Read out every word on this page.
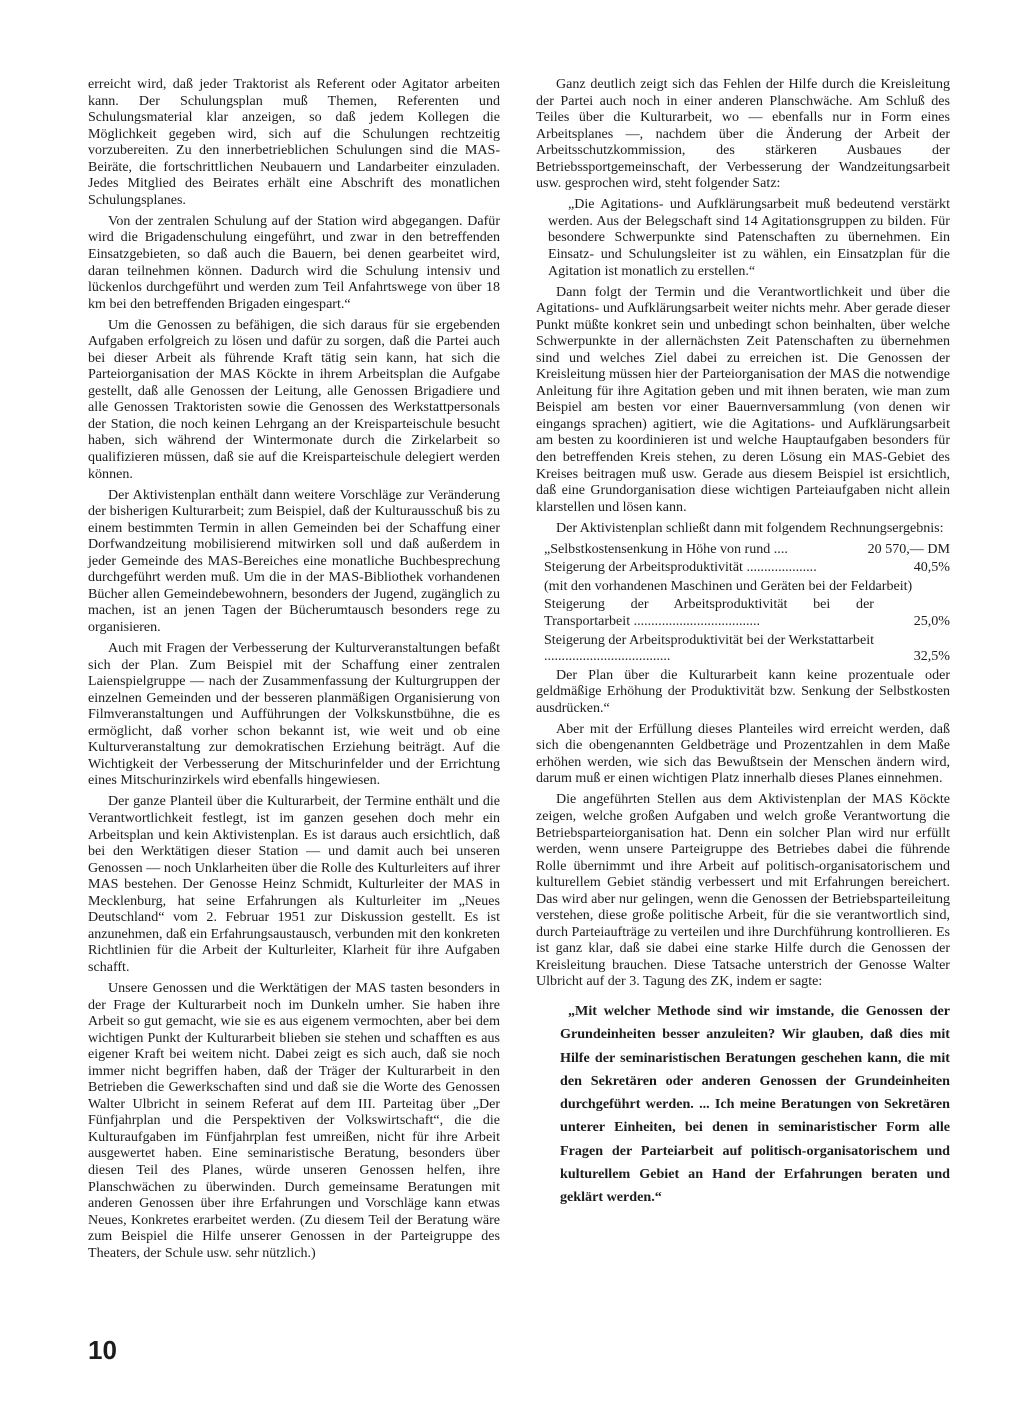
erreicht wird, daß jeder Traktorist als Referent oder Agitator arbeiten kann. Der Schulungsplan muß Themen, Referenten und Schulungsmaterial klar anzeigen, so daß jedem Kollegen die Möglichkeit gegeben wird, sich auf die Schulungen rechtzeitig vorzubereiten. Zu den innerbetrieblichen Schulungen sind die MAS-Beiräte, die fortschrittlichen Neubauern und Landarbeiter einzuladen. Jedes Mitglied des Beirates erhält eine Abschrift des monatlichen Schulungsplanes.

Von der zentralen Schulung auf der Station wird abgegangen. Dafür wird die Brigadenschulung eingeführt, und zwar in den betreffenden Einsatzgebieten, so daß auch die Bauern, bei denen gearbeitet wird, daran teilnehmen können. Dadurch wird die Schulung intensiv und lückenlos durchgeführt und werden zum Teil Anfahrtswege von über 18 km bei den betreffenden Brigaden eingespart.“

Um die Genossen zu befähigen, die sich daraus für sie ergebenden Aufgaben erfolgreich zu lösen und dafür zu sorgen, daß die Partei auch bei dieser Arbeit als führende Kraft tätig sein kann, hat sich die Parteiorganisation der MAS Köckte in ihrem Arbeitsplan die Aufgabe gestellt, daß alle Genossen der Leitung, alle Genossen Brigadiere und alle Genossen Traktoristen sowie die Genossen des Werkstattpersonals der Station, die noch keinen Lehrgang an der Kreisparteischule besucht haben, sich während der Wintermonate durch die Zirkelarbeit so qualifizieren müssen, daß sie auf die Kreisparteischule delegiert werden können.

Der Aktivistenplan enthält dann weitere Vorschläge zur Veränderung der bisherigen Kulturarbeit; zum Beispiel, daß der Kulturausschuß bis zu einem bestimmten Termin in allen Gemeinden bei der Schaffung einer Dorfwandzeitung mobilisierend mitwirken soll und daß außerdem in jeder Gemeinde des MAS-Bereiches eine monatliche Buchbesprechung durchgeführt werden muß. Um die in der MAS-Bibliothek vorhandenen Bücher allen Gemeindebewohnern, besonders der Jugend, zugänglich zu machen, ist an jenen Tagen der Bücherumtausch besonders rege zu organisieren.

Auch mit Fragen der Verbesserung der Kulturveranstaltungen befaßt sich der Plan. Zum Beispiel mit der Schaffung einer zentralen Laienspielgruppe — nach der Zusammenfassung der Kulturgruppen der einzelnen Gemeinden und der besseren planmäßigen Organisierung von Filmveranstaltungen und Aufführungen der Volkskunstbühne, die es ermöglicht, daß vorher schon bekannt ist, wie weit und ob eine Kulturveranstaltung zur demokratischen Erziehung beiträgt. Auf die Wichtigkeit der Verbesserung der Mitschurinfelder und der Errichtung eines Mitschurinzirkels wird ebenfalls hingewiesen.

Der ganze Planteil über die Kulturarbeit, der Termine enthält und die Verantwortlichkeit festlegt, ist im ganzen gesehen doch mehr ein Arbeitsplan und kein Aktivistenplan. Es ist daraus auch ersichtlich, daß bei den Werktätigen dieser Station — und damit auch bei unseren Genossen — noch Unklarheiten über die Rolle des Kulturleiters auf ihrer MAS bestehen. Der Genosse Heinz Schmidt, Kulturleiter der MAS in Mecklenburg, hat seine Erfahrungen als Kulturleiter im „Neues Deutschland“ vom 2. Februar 1951 zur Diskussion gestellt. Es ist anzunehmen, daß ein Erfahrungsaustausch, verbunden mit den konkreten Richtlinien für die Arbeit der Kulturleiter, Klarheit für ihre Aufgaben schafft.

Unsere Genossen und die Werktätigen der MAS tasten besonders in der Frage der Kulturarbeit noch im Dunkeln umher. Sie haben ihre Arbeit so gut gemacht, wie sie es aus eigenem vermochten, aber bei dem wichtigen Punkt der Kulturarbeit blieben sie stehen und schafften es aus eigener Kraft bei weitem nicht. Dabei zeigt es sich auch, daß sie noch immer nicht begriffen haben, daß der Träger der Kulturarbeit in den Betrieben die Gewerkschaften sind und daß sie die Worte des Genossen Walter Ulbricht in seinem Referat auf dem III. Parteitag über „Der Fünfjahrplan und die Perspektiven der Volkswirtschaft“, die die Kulturaufgaben im Fünfjahrplan fest umreißen, nicht für ihre Arbeit ausgewertet haben. Eine seminaristische Beratung, besonders über diesen Teil des Planes, würde unseren Genossen helfen, ihre Planschwächen zu überwinden. Durch gemeinsame Beratungen mit anderen Genossen über ihre Erfahrungen und Vorschläge kann etwas Neues, Konkretes erarbeitet werden. (Zu diesem Teil der Beratung wäre zum Beispiel die Hilfe unserer Genossen in der Parteigruppe des Theaters, der Schule usw. sehr nützlich.)

Ganz deutlich zeigt sich das Fehlen der Hilfe durch die Kreisleitung der Partei auch noch in einer anderen Planschwäche. Am Schluß des Teiles über die Kulturarbeit, wo — ebenfalls nur in Form eines Arbeitsplanes —, nachdem über die Änderung der Arbeit der Arbeitsschutzkommission, des stärkeren Ausbaues der Betriebssportgemeinschaft, der Verbesserung der Wandzeitungsarbeit usw. gesprochen wird, steht folgender Satz:

„Die Agitations- und Aufklärungsarbeit muß bedeutend verstärkt werden. Aus der Belegschaft sind 14 Agitationsgruppen zu bilden. Für besondere Schwerpunkte sind Patenschaften zu übernehmen. Ein Einsatz- und Schulungsleiter ist zu wählen, ein Einsatzplan für die Agitation ist monatlich zu erstellen.“

Dann folgt der Termin und die Verantwortlichkeit und über die Agitations- und Aufklärungsarbeit weiter nichts mehr. Aber gerade dieser Punkt müßte konkret sein und unbedingt schon beinhalten, über welche Schwerpunkte in der allernächsten Zeit Patenschaften zu übernehmen sind und welches Ziel dabei zu erreichen ist. Die Genossen der Kreisleitung müssen hier der Parteiorganisation der MAS die notwendige Anleitung für ihre Agitation geben und mit ihnen beraten, wie man zum Beispiel am besten vor einer Bauernversammlung (von denen wir eingangs sprachen) agitiert, wie die Agitations- und Aufklärungsarbeit am besten zu koordinieren ist und welche Hauptaufgaben besonders für den betreffenden Kreis stehen, zu deren Lösung ein MAS-Gebiet des Kreises beitragen muß usw. Gerade aus diesem Beispiel ist ersichtlich, daß eine Grundorganisation diese wichtigen Parteiaufgaben nicht allein klarstellen und lösen kann.

Der Aktivistenplan schließt dann mit folgendem Rechnungsergebnis:

„Selbstkostensenkung in Höhe von rund ....	20 570,— DM
Steigerung der Arbeitsproduktivität ....................	40,5%
(mit den vorhandenen Maschinen und Geräten bei der Feldarbeit)
Steigerung der Arbeitsproduktivität bei der Transportarbeit ....................................	25,0%
Steigerung der Arbeitsproduktivität bei der Werkstattarbeit ....................................	32,5%

Der Plan über die Kulturarbeit kann keine prozentuale oder geldmäßige Erhöhung der Produktivität bzw. Senkung der Selbstkosten ausdrücken.“

Aber mit der Erfüllung dieses Planteiles wird erreicht werden, daß sich die obengenannten Geldbeträge und Prozentzahlen in dem Maße erhöhen werden, wie sich das Bewußtsein der Menschen ändern wird, darum muß er einen wichtigen Platz innerhalb dieses Planes einnehmen.

Die angeführten Stellen aus dem Aktivistenplan der MAS Köckte zeigen, welche großen Aufgaben und welch große Verantwortung die Betriebsparteiorganisation hat. Denn ein solcher Plan wird nur erfüllt werden, wenn unsere Parteigruppe des Betriebes dabei die führende Rolle übernimmt und ihre Arbeit auf politisch-organisatorischem und kulturellem Gebiet ständig verbessert und mit Erfahrungen bereichert. Das wird aber nur gelingen, wenn die Genossen der Betriebsparteileitung verstehen, diese große politische Arbeit, für die sie verantwortlich sind, durch Parteiaufträge zu verteilen und ihre Durchführung kontrollieren. Es ist ganz klar, daß sie dabei eine starke Hilfe durch die Genossen der Kreisleitung brauchen. Diese Tatsache unterstrich der Genosse Walter Ulbricht auf der 3. Tagung des ZK, indem er sagte:

„Mit welcher Methode sind wir imstande, die Genossen der Grundeinheiten besser anzuleiten? Wir glauben, daß dies mit Hilfe der seminaristischen Beratungen geschehen kann, die mit den Sekretären oder anderen Genossen der Grundeinheiten durchgeführt werden. ... Ich meine Beratungen von Sekretären unterer Einheiten, bei denen in seminaristischer Form alle Fragen der Parteiarbeit auf politisch-organisatorischem und kulturellem Gebiet an Hand der Erfahrungen beraten und geklärt werden.“
10
